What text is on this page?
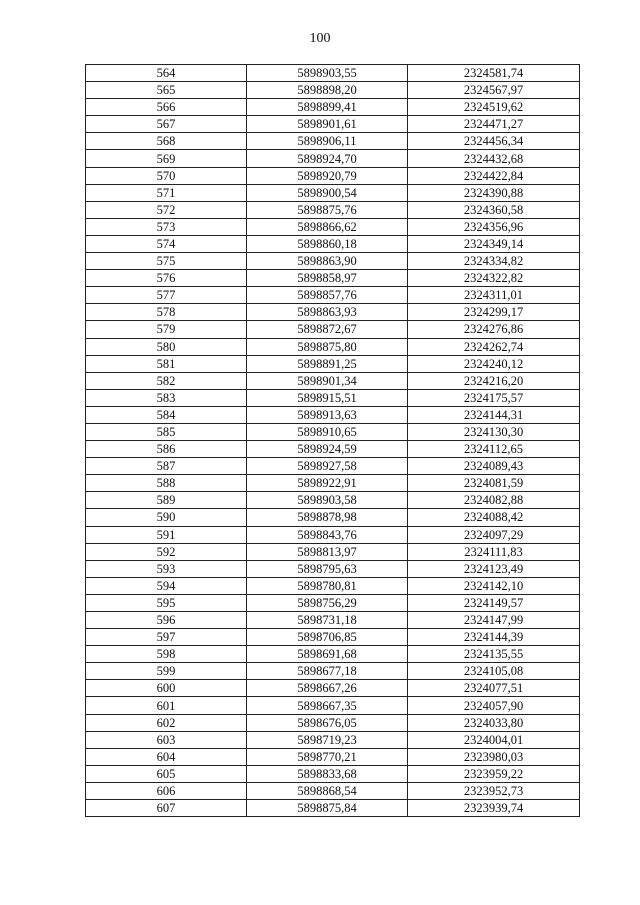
100
564	5898903,55	2324581,74
565	5898898,20	2324567,97
566	5898899,41	2324519,62
567	5898901,61	2324471,27
568	5898906,11	2324456,34
569	5898924,70	2324432,68
570	5898920,79	2324422,84
571	5898900,54	2324390,88
572	5898875,76	2324360,58
573	5898866,62	2324356,96
574	5898860,18	2324349,14
575	5898863,90	2324334,82
576	5898858,97	2324322,82
577	5898857,76	2324311,01
578	5898863,93	2324299,17
579	5898872,67	2324276,86
580	5898875,80	2324262,74
581	5898891,25	2324240,12
582	5898901,34	2324216,20
583	5898915,51	2324175,57
584	5898913,63	2324144,31
585	5898910,65	2324130,30
586	5898924,59	2324112,65
587	5898927,58	2324089,43
588	5898922,91	2324081,59
589	5898903,58	2324082,88
590	5898878,98	2324088,42
591	5898843,76	2324097,29
592	5898813,97	2324111,83
593	5898795,63	2324123,49
594	5898780,81	2324142,10
595	5898756,29	2324149,57
596	5898731,18	2324147,99
597	5898706,85	2324144,39
598	5898691,68	2324135,55
599	5898677,18	2324105,08
600	5898667,26	2324077,51
601	5898667,35	2324057,90
602	5898676,05	2324033,80
603	5898719,23	2324004,01
604	5898770,21	2323980,03
605	5898833,68	2323959,22
606	5898868,54	2323952,73
607	5898875,84	2323939,74
